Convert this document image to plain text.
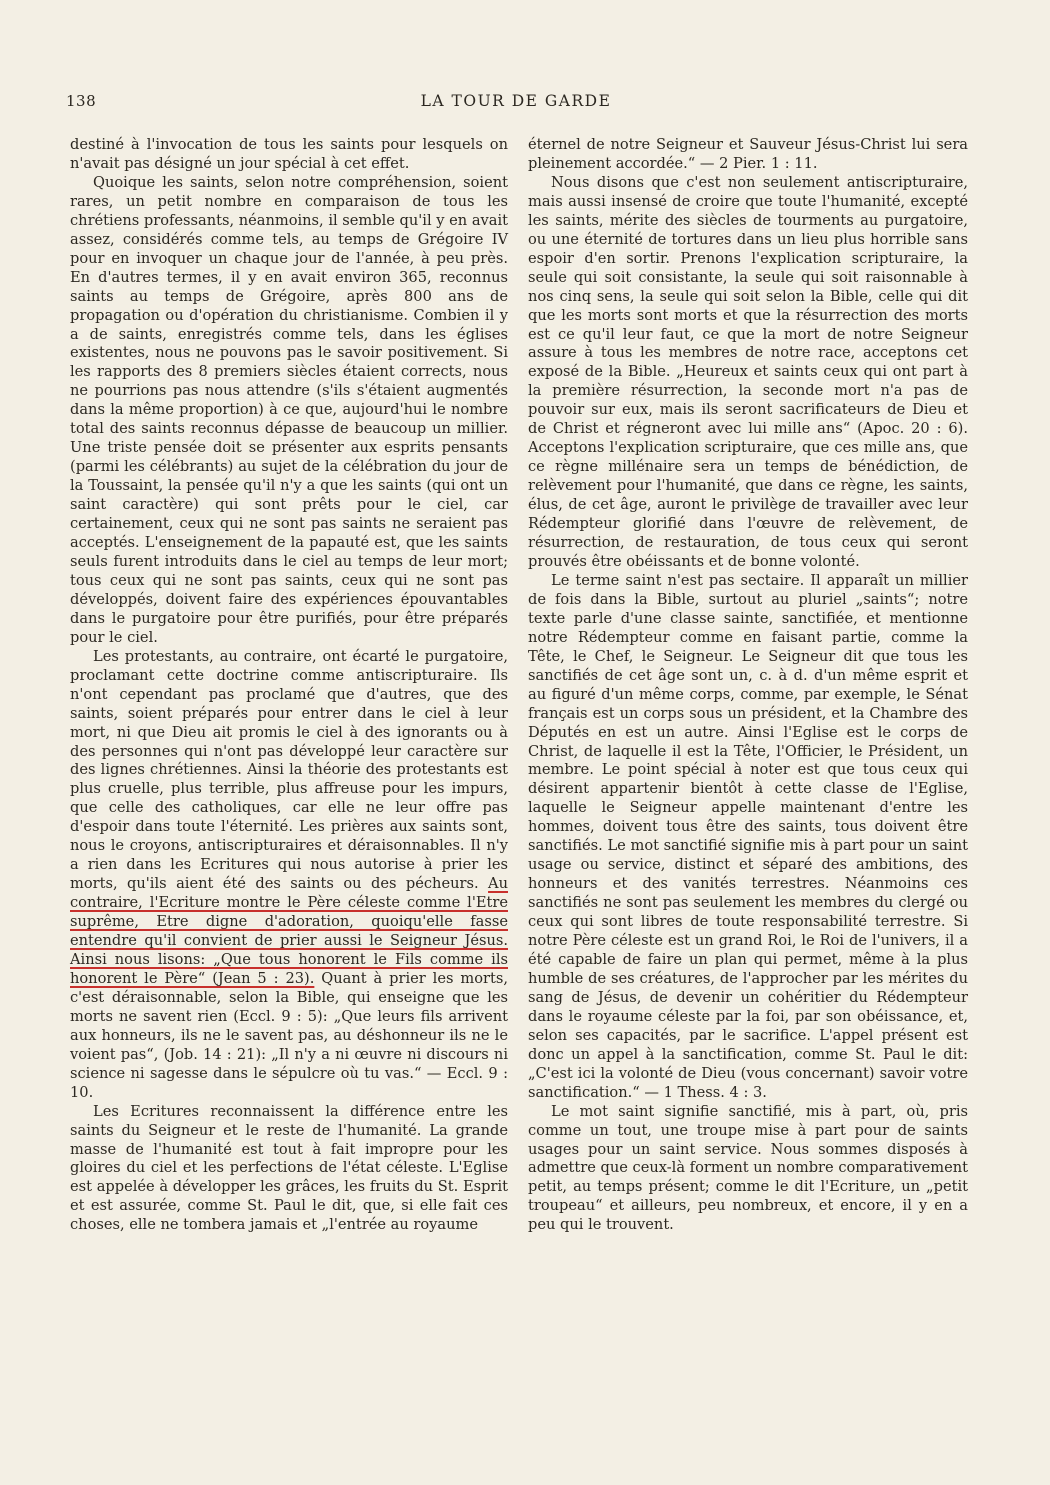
138	LA TOUR DE GARDE

destiné à l'invocation de tous les saints pour lesquels on n'avait pas désigné un jour spécial à cet effet.

Quoique les saints, selon notre compréhension, soient rares, un petit nombre en comparaison de tous les chrétiens professants, néanmoins, il semble qu'il y en avait assez, considérés comme tels, au temps de Grégoire IV pour en invoquer un chaque jour de l'année, à peu près. En d'autres termes, il y en avait environ 365, reconnus saints au temps de Grégoire, après 800 ans de propagation ou d'opération du christianisme. Combien il y a de saints, enregistrés comme tels, dans les églises existentes, nous ne pouvons pas le savoir positivement. Si les rapports des 8 premiers siècles étaient corrects, nous ne pourrions pas nous attendre (s'ils s'étaient augmentés dans la même proportion) à ce que, aujourd'hui le nombre total des saints reconnus dépasse de beaucoup un millier. Une triste pensée doit se présenter aux esprits pensants (parmi les célébrants) au sujet de la célébration du jour de la Toussaint, la pensée qu'il n'y a que les saints (qui ont un saint caractère) qui sont prêts pour le ciel, car certainement, ceux qui ne sont pas saints ne seraient pas acceptés. L'enseignement de la papauté est, que les saints seuls furent introduits dans le ciel au temps de leur mort; tous ceux qui ne sont pas saints, ceux qui ne sont pas développés, doivent faire des expériences épouvantables dans le purgatoire pour être purifiés, pour être préparés pour le ciel.

Les protestants, au contraire, ont écarté le purgatoire, proclamant cette doctrine comme antiscripturaire. Ils n'ont cependant pas proclamé que d'autres, que des saints, soient préparés pour entrer dans le ciel à leur mort, ni que Dieu ait promis le ciel à des ignorants ou à des personnes qui n'ont pas développé leur caractère sur des lignes chrétiennes. Ainsi la théorie des protestants est plus cruelle, plus terrible, plus affreuse pour les impurs, que celle des catholiques, car elle ne leur offre pas d'espoir dans toute l'éternité. Les prières aux saints sont, nous le croyons, antiscripturaires et déraisonnables. Il n'y a rien dans les Ecritures qui nous autorise à prier les morts, qu'ils aient été des saints ou des pécheurs. Au contraire, l'Ecriture montre le Père céleste comme l'Etre suprême, Etre digne d'adoration, quoiqu'elle fasse entendre qu'il convient de prier aussi le Seigneur Jésus. Ainsi nous lisons: „Que tous honorent le Fils comme ils honorent le Père“ (Jean 5 : 23). Quant à prier les morts, c'est déraisonnable, selon la Bible, qui enseigne que les morts ne savent rien (Eccl. 9 : 5): „Que leurs fils arrivent aux honneurs, ils ne le savent pas, au déshonneur ils ne le voient pas“, (Job. 14 : 21): „Il n'y a ni œuvre ni discours ni science ni sagesse dans le sépulcre où tu vas.“ — Eccl. 9 : 10.

Les Ecritures reconnaissent la différence entre les saints du Seigneur et le reste de l'humanité. La grande masse de l'humanité est tout à fait impropre pour les gloires du ciel et les perfections de l'état céleste. L'Eglise est appelée à développer les grâces, les fruits du St. Esprit et est assurée, comme St. Paul le dit, que, si elle fait ces choses, elle ne tombera jamais et „l'entrée au royaume

éternel de notre Seigneur et Sauveur Jésus-Christ lui sera pleinement accordée.“ — 2 Pier. 1 : 11.

Nous disons que c'est non seulement antiscripturaire, mais aussi insensé de croire que toute l'humanité, excepté les saints, mérite des siècles de tourments au purgatoire, ou une éternité de tortures dans un lieu plus horrible sans espoir d'en sortir. Prenons l'explication scripturaire, la seule qui soit consistante, la seule qui soit raisonnable à nos cinq sens, la seule qui soit selon la Bible, celle qui dit que les morts sont morts et que la résurrection des morts est ce qu'il leur faut, ce que la mort de notre Seigneur assure à tous les membres de notre race, acceptons cet exposé de la Bible. „Heureux et saints ceux qui ont part à la première résurrection, la seconde mort n'a pas de pouvoir sur eux, mais ils seront sacrificateurs de Dieu et de Christ et régneront avec lui mille ans“ (Apoc. 20 : 6). Acceptons l'explication scripturaire, que ces mille ans, que ce règne millénaire sera un temps de bénédiction, de relèvement pour l'humanité, que dans ce règne, les saints, élus, de cet âge, auront le privilège de travailler avec leur Rédempteur glorifié dans l'œuvre de relèvement, de résurrection, de restauration, de tous ceux qui seront prouvés être obéissants et de bonne volonté.

Le terme saint n'est pas sectaire. Il apparaît un millier de fois dans la Bible, surtout au pluriel „saints“; notre texte parle d'une classe sainte, sanctifiée, et mentionne notre Rédempteur comme en faisant partie, comme la Tête, le Chef, le Seigneur. Le Seigneur dit que tous les sanctifiés de cet âge sont un, c. à d. d'un même esprit et au figuré d'un même corps, comme, par exemple, le Sénat français est un corps sous un président, et la Chambre des Députés en est un autre. Ainsi l'Eglise est le corps de Christ, de laquelle il est la Tête, l'Officier, le Président, un membre. Le point spécial à noter est que tous ceux qui désirent appartenir bientôt à cette classe de l'Eglise, laquelle le Seigneur appelle maintenant d'entre les hommes, doivent tous être des saints, tous doivent être sanctifiés. Le mot sanctifié signifie mis à part pour un saint usage ou service, distinct et séparé des ambitions, des honneurs et des vanités terrestres. Néanmoins ces sanctifiés ne sont pas seulement les membres du clergé ou ceux qui sont libres de toute responsabilité terrestre. Si notre Père céleste est un grand Roi, le Roi de l'univers, il a été capable de faire un plan qui permet, même à la plus humble de ses créatures, de l'approcher par les mérites du sang de Jésus, de devenir un cohéritier du Rédempteur dans le royaume céleste par la foi, par son obéissance, et, selon ses capacités, par le sacrifice. L'appel présent est donc un appel à la sanctification, comme St. Paul le dit: „C'est ici la volonté de Dieu (vous concernant) savoir votre sanctification.“ — 1 Thess. 4 : 3.

Le mot saint signifie sanctifié, mis à part, où, pris comme un tout, une troupe mise à part pour de saints usages pour un saint service. Nous sommes disposés à admettre que ceux-là forment un nombre comparativement petit, au temps présent; comme le dit l'Ecriture, un „petit troupeau“ et ailleurs, peu nombreux, et encore, il y en a peu qui le trouvent.
